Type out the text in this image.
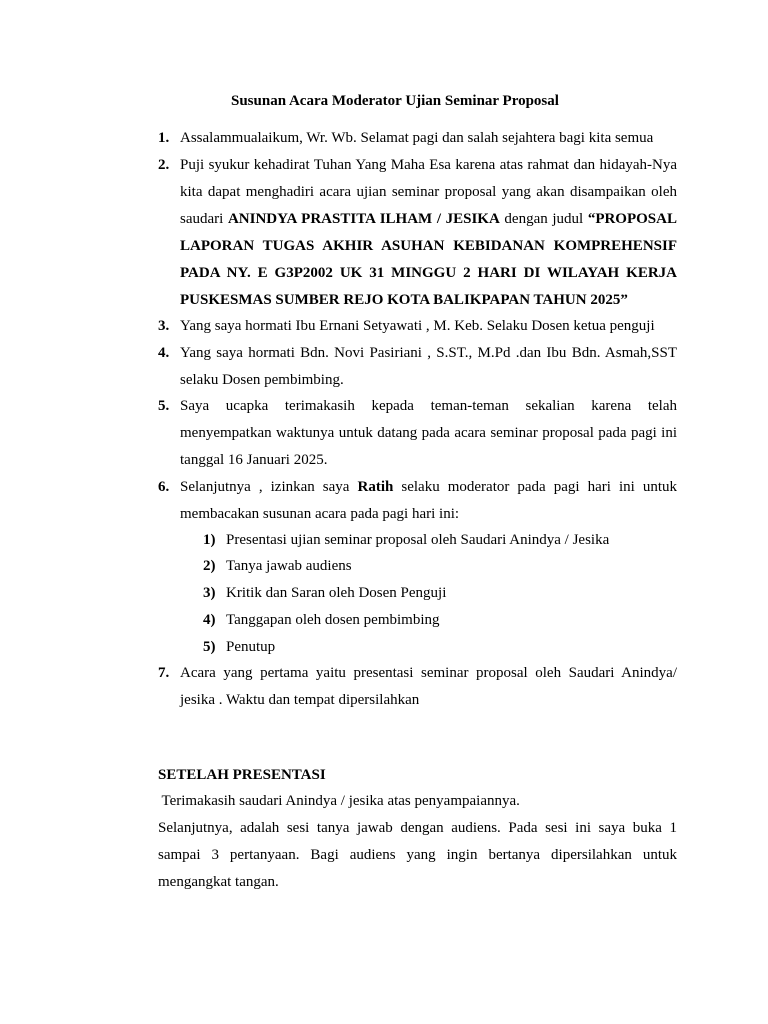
Susunan Acara Moderator Ujian Seminar Proposal
1. Assalammualaikum, Wr. Wb. Selamat pagi dan salah sejahtera bagi kita semua
2. Puji syukur kehadirat Tuhan Yang Maha Esa karena atas rahmat dan hidayah-Nya
kita dapat menghadiri acara ujian seminar proposal yang akan disampaikan oleh
saudari ANINDYA PRASTITA ILHAM / JESIKA dengan judul “PROPOSAL
LAPORAN TUGAS AKHIR ASUHAN KEBIDANAN KOMPREHENSIF
PADA NY. E G3P2002 UK 31 MINGGU 2 HARI DI WILAYAH KERJA
PUSKESMAS SUMBER REJO KOTA BALIKPAPAN TAHUN 2025”
3. Yang saya hormati Ibu Ernani Setyawati , M. Keb. Selaku Dosen ketua penguji
4. Yang saya hormati Bdn. Novi Pasiriani , S.ST., M.Pd .dan Ibu Bdn. Asmah,SST
selaku Dosen pembimbing.
5. Saya ucapka terimakasih kepada teman-teman sekalian karena telah
menyempatkan waktunya untuk datang pada acara seminar proposal pada pagi ini
tanggal 16 Januari 2025.
6. Selanjutnya , izinkan saya Ratih selaku moderator pada pagi hari ini untuk
membacakan susunan acara pada pagi hari ini:
1) Presentasi ujian seminar proposal oleh Saudari Anindya / Jesika
2) Tanya jawab audiens
3) Kritik dan Saran oleh Dosen Penguji
4) Tanggapan oleh dosen pembimbing
5) Penutup
7. Acara yang pertama yaitu presentasi seminar proposal oleh Saudari Anindya/
jesika . Waktu dan tempat dipersilahkan
SETELAH PRESENTASI
Terimakasih saudari Anindya / jesika atas penyampaiannya.
Selanjutnya, adalah sesi tanya jawab dengan audiens. Pada sesi ini saya buka 1
sampai 3 pertanyaan. Bagi audiens yang ingin bertanya dipersilahkan untuk
mengangkat tangan.
